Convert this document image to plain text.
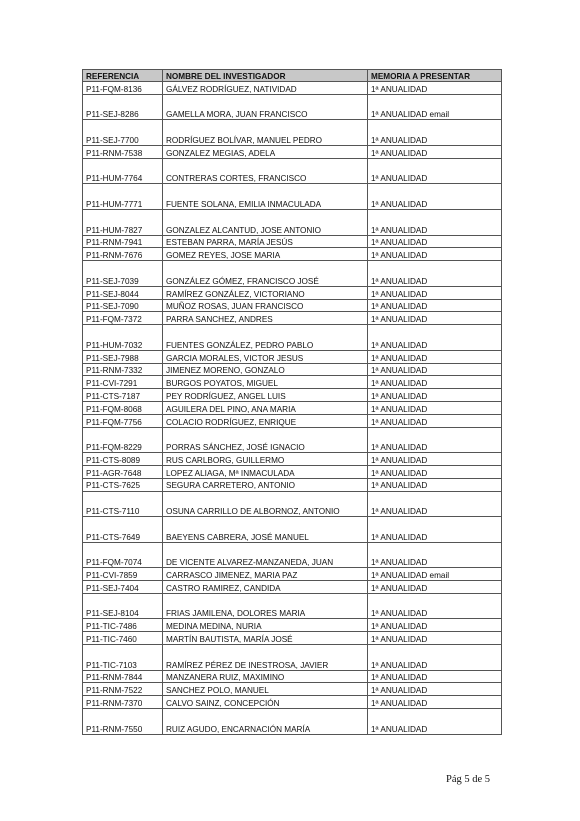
REFERENCIA	NOMBRE DEL INVESTIGADOR	MEMORIA A PRESENTAR
P11-FQM-8136	GÁLVEZ RODRÍGUEZ, NATIVIDAD	1ª ANUALIDAD
P11-SEJ-8286	GAMELLA MORA, JUAN FRANCISCO	1ª ANUALIDAD email
P11-SEJ-7700	RODRÍGUEZ BOLÍVAR, MANUEL PEDRO	1ª ANUALIDAD
P11-RNM-7538	GONZALEZ MEGIAS, ADELA	1ª ANUALIDAD
P11-HUM-7764	CONTRERAS CORTES, FRANCISCO	1ª ANUALIDAD
P11-HUM-7771	FUENTE SOLANA, EMILIA INMACULADA	1ª ANUALIDAD
P11-HUM-7827	GONZALEZ ALCANTUD, JOSE ANTONIO	1ª ANUALIDAD
P11-RNM-7941	ESTEBAN PARRA, MARÍA JESÚS	1ª ANUALIDAD
P11-RNM-7676	GOMEZ REYES, JOSE MARIA	1ª ANUALIDAD
P11-SEJ-7039	GONZÁLEZ GÓMEZ, FRANCISCO JOSÉ	1ª ANUALIDAD
P11-SEJ-8044	RAMÍREZ GONZÁLEZ, VICTORIANO	1ª ANUALIDAD
P11-SEJ-7090	MUÑOZ ROSAS, JUAN FRANCISCO	1ª ANUALIDAD
P11-FQM-7372	PARRA SANCHEZ, ANDRES	1ª ANUALIDAD
P11-HUM-7032	FUENTES GONZÁLEZ, PEDRO PABLO	1ª ANUALIDAD
P11-SEJ-7988	GARCIA MORALES, VICTOR JESUS	1ª ANUALIDAD
P11-RNM-7332	JIMENEZ MORENO, GONZALO	1ª ANUALIDAD
P11-CVI-7291	BURGOS POYATOS, MIGUEL	1ª ANUALIDAD
P11-CTS-7187	PEY RODRÍGUEZ, ANGEL LUIS	1ª ANUALIDAD
P11-FQM-8068	AGUILERA DEL PINO, ANA MARIA	1ª ANUALIDAD
P11-FQM-7756	COLACIO RODRÍGUEZ, ENRIQUE	1ª ANUALIDAD
P11-FQM-8229	PORRAS SÁNCHEZ, JOSÉ IGNACIO	1ª ANUALIDAD
P11-CTS-8089	RUS CARLBORG, GUILLERMO	1ª ANUALIDAD
P11-AGR-7648	LOPEZ ALIAGA, Mª INMACULADA	1ª ANUALIDAD
P11-CTS-7625	SEGURA CARRETERO, ANTONIO	1ª ANUALIDAD
P11-CTS-7110	OSUNA CARRILLO DE ALBORNOZ, ANTONIO	1ª ANUALIDAD
P11-CTS-7649	BAEYENS CABRERA, JOSÉ MANUEL	1ª ANUALIDAD
P11-FQM-7074	DE VICENTE ALVAREZ-MANZANEDA, JUAN	1ª ANUALIDAD
P11-CVI-7859	CARRASCO JIMENEZ, MARIA PAZ	1ª ANUALIDAD email
P11-SEJ-7404	CASTRO RAMIREZ, CANDIDA	1ª ANUALIDAD
P11-SEJ-8104	FRIAS JAMILENA, DOLORES MARIA	1ª ANUALIDAD
P11-TIC-7486	MEDINA MEDINA, NURIA	1ª ANUALIDAD
P11-TIC-7460	MARTÍN BAUTISTA, MARÍA JOSÉ	1ª ANUALIDAD
P11-TIC-7103	RAMÍREZ PÉREZ DE INESTROSA, JAVIER	1ª ANUALIDAD
P11-RNM-7844	MANZANERA RUIZ, MAXIMINO	1ª ANUALIDAD
P11-RNM-7522	SANCHEZ POLO, MANUEL	1ª ANUALIDAD
P11-RNM-7370	CALVO SAINZ, CONCEPCIÓN	1ª ANUALIDAD
P11-RNM-7550	RUIZ AGUDO, ENCARNACIÓN MARÍA	1ª ANUALIDAD
Pág 5 de 5
